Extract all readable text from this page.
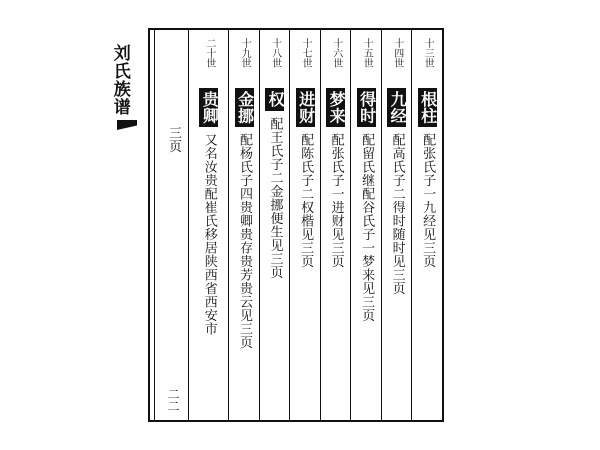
刘氏族谱	十三世
根柱
配张氏子一九经见三页
十四世
九经
配高氏子二得时随时见三页
十五世
得时
配留氏继配谷氏子一梦来见三页
十六世
梦来
配张氏子一进财见三页
十七世
进财
配陈氏子二权楷见三页
十八世
权
配王氏子二金挪便生见三页
十九世
金挪
配杨氏子四贵卿贵存贵芳贵云见三页
二十世
贵卿
又名汝贵配崔氏移居陕西省西安市
三页
二二
